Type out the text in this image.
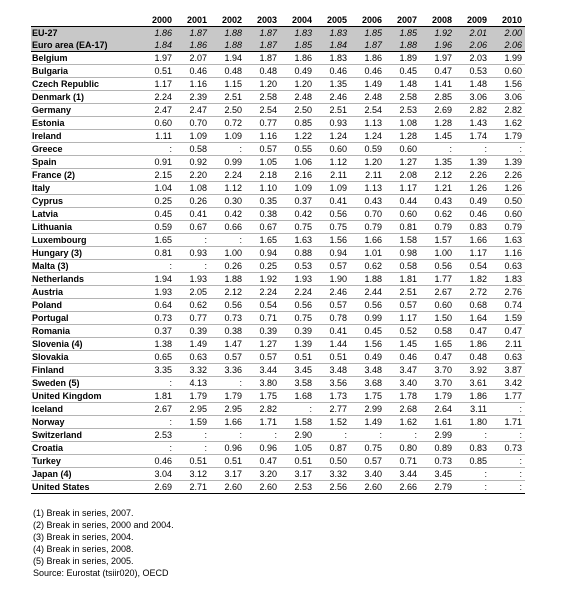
	2000	2001	2002	2003	2004	2005	2006	2007	2008	2009	2010
EU-27	1.86	1.87	1.88	1.87	1.83	1.83	1.85	1.85	1.92	2.01	2.00
Euro area (EA-17)	1.84	1.86	1.88	1.87	1.85	1.84	1.87	1.88	1.96	2.06	2.06
Belgium	1.97	2.07	1.94	1.87	1.86	1.83	1.86	1.89	1.97	2.03	1.99
Bulgaria	0.51	0.46	0.48	0.48	0.49	0.46	0.46	0.45	0.47	0.53	0.60
Czech Republic	1.17	1.16	1.15	1.20	1.20	1.35	1.49	1.48	1.41	1.48	1.56
Denmark (1)	2.24	2.39	2.51	2.58	2.48	2.46	2.48	2.58	2.85	3.06	3.06
Germany	2.47	2.47	2.50	2.54	2.50	2.51	2.54	2.53	2.69	2.82	2.82
Estonia	0.60	0.70	0.72	0.77	0.85	0.93	1.13	1.08	1.28	1.43	1.62
Ireland	1.11	1.09	1.09	1.16	1.22	1.24	1.24	1.28	1.45	1.74	1.79
Greece	:	0.58	:	0.57	0.55	0.60	0.59	0.60	:	:	:
Spain	0.91	0.92	0.99	1.05	1.06	1.12	1.20	1.27	1.35	1.39	1.39
France (2)	2.15	2.20	2.24	2.18	2.16	2.11	2.11	2.08	2.12	2.26	2.26
Italy	1.04	1.08	1.12	1.10	1.09	1.09	1.13	1.17	1.21	1.26	1.26
Cyprus	0.25	0.26	0.30	0.35	0.37	0.41	0.43	0.44	0.43	0.49	0.50
Latvia	0.45	0.41	0.42	0.38	0.42	0.56	0.70	0.60	0.62	0.46	0.60
Lithuania	0.59	0.67	0.66	0.67	0.75	0.75	0.79	0.81	0.79	0.83	0.79
Luxembourg	1.65	:	:	1.65	1.63	1.56	1.66	1.58	1.57	1.66	1.63
Hungary (3)	0.81	0.93	1.00	0.94	0.88	0.94	1.01	0.98	1.00	1.17	1.16
Malta (3)	:	:	0.26	0.25	0.53	0.57	0.62	0.58	0.56	0.54	0.63
Netherlands	1.94	1.93	1.88	1.92	1.93	1.90	1.88	1.81	1.77	1.82	1.83
Austria	1.93	2.05	2.12	2.24	2.24	2.46	2.44	2.51	2.67	2.72	2.76
Poland	0.64	0.62	0.56	0.54	0.56	0.57	0.56	0.57	0.60	0.68	0.74
Portugal	0.73	0.77	0.73	0.71	0.75	0.78	0.99	1.17	1.50	1.64	1.59
Romania	0.37	0.39	0.38	0.39	0.39	0.41	0.45	0.52	0.58	0.47	0.47
Slovenia (4)	1.38	1.49	1.47	1.27	1.39	1.44	1.56	1.45	1.65	1.86	2.11
Slovakia	0.65	0.63	0.57	0.57	0.51	0.51	0.49	0.46	0.47	0.48	0.63
Finland	3.35	3.32	3.36	3.44	3.45	3.48	3.48	3.47	3.70	3.92	3.87
Sweden (5)	:	4.13	:	3.80	3.58	3.56	3.68	3.40	3.70	3.61	3.42
United Kingdom	1.81	1.79	1.79	1.75	1.68	1.73	1.75	1.78	1.79	1.86	1.77
Iceland	2.67	2.95	2.95	2.82	:	2.77	2.99	2.68	2.64	3.11	:
Norway	:	1.59	1.66	1.71	1.58	1.52	1.49	1.62	1.61	1.80	1.71
Switzerland	2.53	:	:	:	2.90	:	:	:	2.99	:	:
Croatia	:	:	0.96	0.96	1.05	0.87	0.75	0.80	0.89	0.83	0.73
Turkey	0.46	0.51	0.51	0.47	0.51	0.50	0.57	0.71	0.73	0.85	:
Japan (4)	3.04	3.12	3.17	3.20	3.17	3.32	3.40	3.44	3.45	:	:
United States	2.69	2.71	2.60	2.60	2.53	2.56	2.60	2.66	2.79	:	:
(1) Break in series, 2007.
(2) Break in series, 2000 and 2004.
(3) Break in series, 2004.
(4) Break in series, 2008.
(5) Break in series, 2005.
Source: Eurostat (tsiir020), OECD
